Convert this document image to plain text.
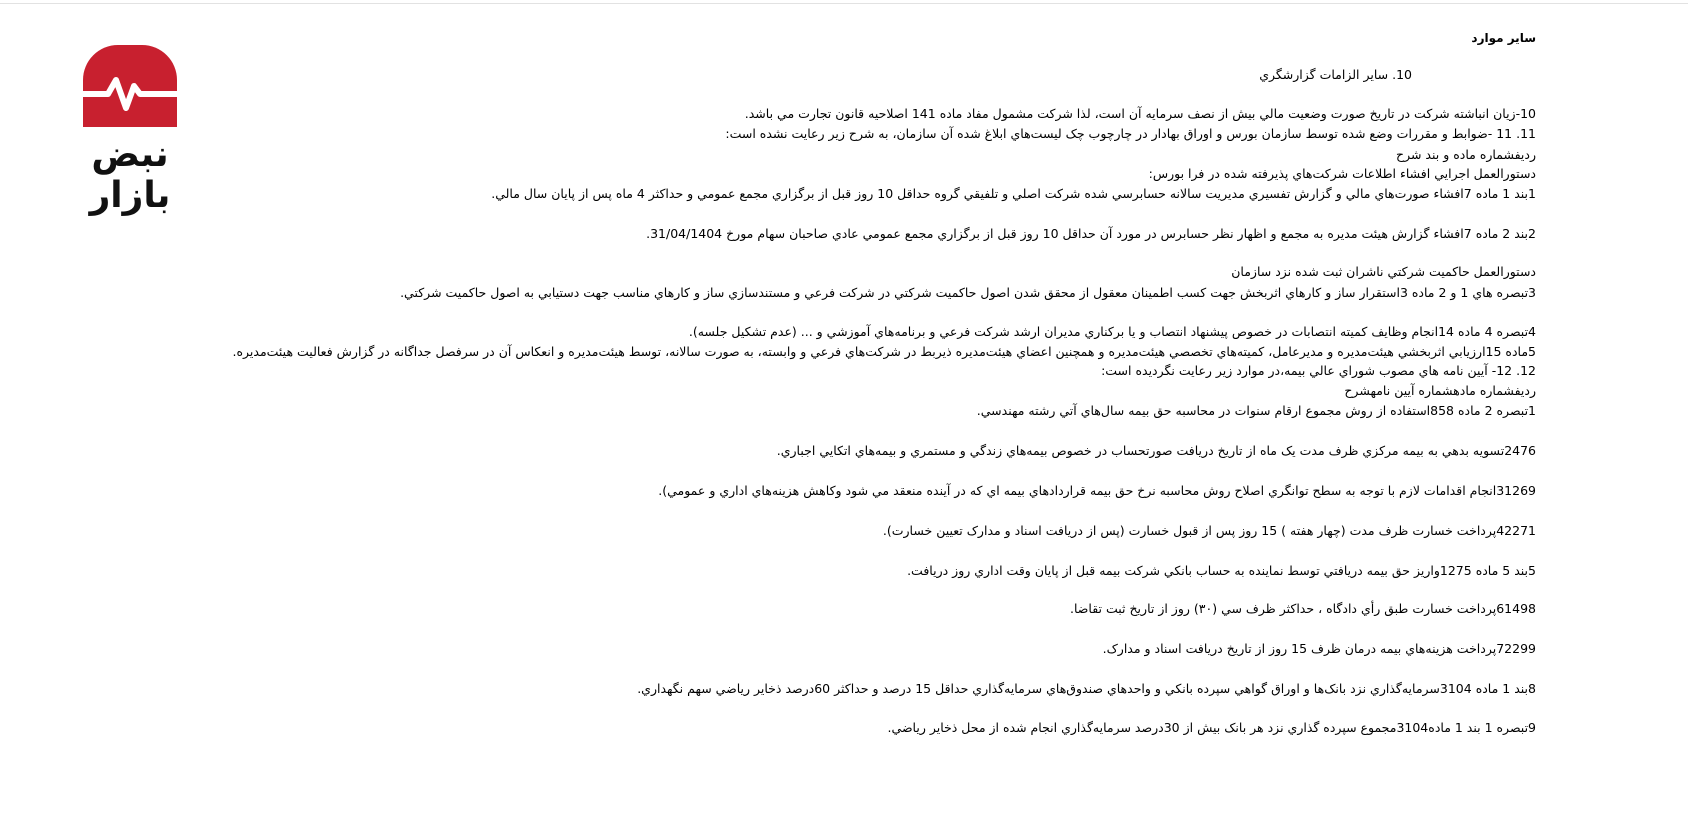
نبض بازار
ساير موارد
10. ساير الزامات گزارشگري
10-زيان انباشته شرکت در تاريخ صورت وضعيت مالي بيش از نصف سرمايه آن است، لذا شرکت مشمول مفاد ماده 141 اصلاحيه قانون تجارت مي باشد.
11. 11 -ضوابط و مقررات وضع شده توسط سازمان بورس و اوراق بهادار در چارچوب چک ليست‌هاي ابلاغ شده آن سازمان، به شرح زير رعايت نشده است:
رديفشماره ماده و بند شرح
دستورالعمل اجرايي افشاء اطلاعات شرکت‌هاي پذيرفته شده در فرا بورس:
1بند 1 ماده 7افشاء صورت‌هاي مالي و گزارش تفسيري مديريت سالانه حسابرسي شده شرکت اصلي و تلفيقي گروه حداقل 10 روز قبل از برگزاري مجمع عمومي و حداکثر 4 ماه پس از پايان سال مالي.
2بند 2 ماده 7افشاء گزارش هيئت مديره به مجمع و اظهار نظر حسابرس در مورد آن حداقل 10 روز قبل از برگزاري مجمع عمومي عادي صاحبان سهام مورخ 31/04/1404.
دستورالعمل حاکميت شرکتي ناشران ثبت شده نزد سازمان
3تبصره هاي 1 و 2 ماده 3استقرار ساز و کارهاي اثربخش جهت کسب اطمينان معقول از محقق شدن اصول حاکميت شرکتي در شرکت فرعي و مستندسازي ساز و کارهاي مناسب جهت دستيابي به اصول حاکميت شرکتي.
4تبصره 4 ماده 14انجام وظايف کميته انتصابات در خصوص پيشنهاد انتصاب و يا برکناري مديران ارشد شرکت فرعي و برنامه‌هاي آموزشي و ... (عدم تشکيل جلسه).
5ماده 15ارزيابي اثربخشي هيئت‌مديره و مديرعامل، کميته‌هاي تخصصي هيئت‌مديره و همچنين اعضاي هيئت‌مديره ذيربط در شرکت‌هاي فرعي و وابسته، به صورت سالانه، توسط هيئت‌مديره و انعکاس آن در سرفصل جداگانه در گزارش فعاليت هيئت‌مديره.
12. 12- آيين نامه هاي مصوب شوراي عالي بيمه،در موارد زير رعايت نگرديده است:
رديفشماره مادهشماره آيين نامهشرح
1تبصره 2 ماده 858استفاده از روش مجموع ارقام سنوات در محاسبه حق بيمه سال‌هاي آتي رشته مهندسي.
2476تسويه بدهي به بيمه مرکزي ظرف مدت يک ماه از تاريخ دريافت صورتحساب در خصوص بيمه‌هاي زندگي و مستمري و بيمه‌هاي اتکايي اجباري.
31269انجام اقدامات لازم با توجه به سطح توانگري اصلاح روش محاسبه نرخ حق بيمه قراردادهاي بيمه اي که در آينده منعقد مي شود وکاهش هزينه‌هاي اداري و عمومي).
42271پرداخت خسارت ظرف مدت (چهار هفته ) 15 روز پس از قبول خسارت (پس از دريافت اسناد و مدارک تعيين خسارت).
5بند 5 ماده 1275واريز حق بيمه دريافتي توسط نماينده به حساب بانکي شرکت بيمه قبل از پايان وقت اداري روز دريافت.
61498پرداخت خسارت طبق رأي دادگاه ، حداکثر ظرف سي (٣٠) روز از تاريخ ثبت تقاضا.
72299پرداخت هزينه‌هاي بيمه درمان ظرف 15 روز از تاريخ دريافت اسناد و مدارک.
8بند 1 ماده 3104سرمايه‌گذاري نزد بانک‌ها و اوراق گواهي سپرده بانکي و واحدهاي صندوق‌هاي سرمايه‌گذاري حداقل 15 درصد و حداکثر 60درصد ذخاير رياضي سهم نگهداري.
9تبصره 1 بند 1 ماده3104مجموع سپرده گذاري نزد هر بانک بيش از 30درصد سرمايه‌گذاري انجام شده از محل ذخاير رياضي.
